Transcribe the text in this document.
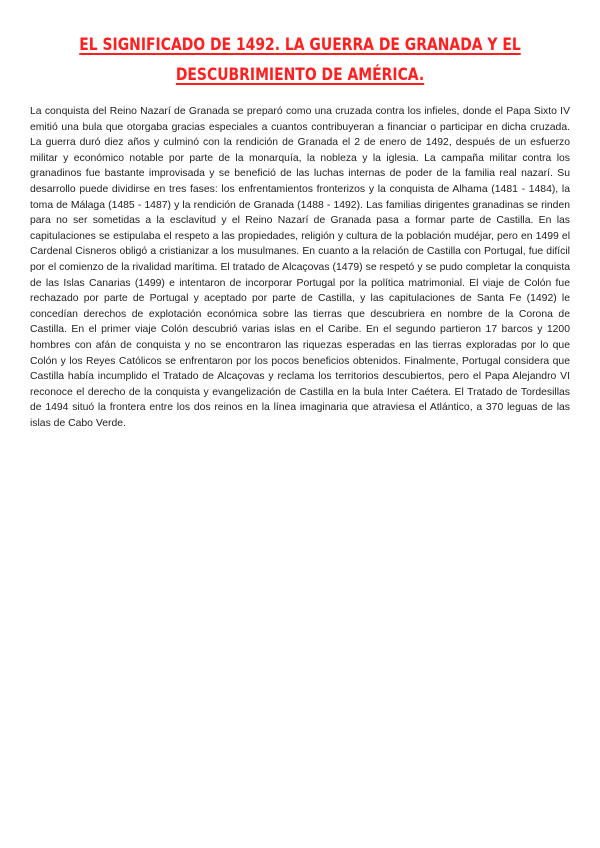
EL SIGNIFICADO DE 1492. LA GUERRA DE GRANADA Y EL DESCUBRIMIENTO DE AMÉRICA.

La conquista del Reino Nazarí de Granada se preparó como una cruzada contra los infieles, donde el Papa Sixto IV emitió una bula que otorgaba gracias especiales a cuantos contribuyeran a financiar o participar en dicha cruzada. La guerra duró diez años y culminó con la rendición de Granada el 2 de enero de 1492, después de un esfuerzo militar y económico notable por parte de la monarquía, la nobleza y la iglesia. La campaña militar contra los granadinos fue bastante improvisada y se benefició de las luchas internas de poder de la familia real nazarí. Su desarrollo puede dividirse en tres fases: los enfrentamientos fronterizos y la conquista de Alhama (1481 - 1484), la toma de Málaga (1485 - 1487) y la rendición de Granada (1488 - 1492). Las familias dirigentes granadinas se rinden para no ser sometidas a la esclavitud y el Reino Nazarí de Granada pasa a formar parte de Castilla. En las capitulaciones se estipulaba el respeto a las propiedades, religión y cultura de la población mudéjar, pero en 1499 el Cardenal Cisneros obligó a cristianizar a los musulmanes. En cuanto a la relación de Castilla con Portugal, fue difícil por el comienzo de la rivalidad marítima. El tratado de Alcaçovas (1479) se respetó y se pudo completar la conquista de las Islas Canarias (1499) e intentaron de incorporar Portugal por la política matrimonial. El viaje de Colón fue rechazado por parte de Portugal y aceptado por parte de Castilla, y las capitulaciones de Santa Fe (1492) le concedían derechos de explotación económica sobre las tierras que descubriera en nombre de la Corona de Castilla. En el primer viaje Colón descubrió varias islas en el Caribe. En el segundo partieron 17 barcos y 1200 hombres con afán de conquista y no se encontraron las riquezas esperadas en las tierras exploradas por lo que Colón y los Reyes Católicos se enfrentaron por los pocos beneficios obtenidos. Finalmente, Portugal considera que Castilla había incumplido el Tratado de Alcaçovas y reclama los territorios descubiertos, pero el Papa Alejandro VI reconoce el derecho de la conquista y evangelización de Castilla en la bula Inter Caétera. El Tratado de Tordesillas de 1494 situó la frontera entre los dos reinos en la línea imaginaria que atraviesa el Atlántico, a 370 leguas de las islas de Cabo Verde.
